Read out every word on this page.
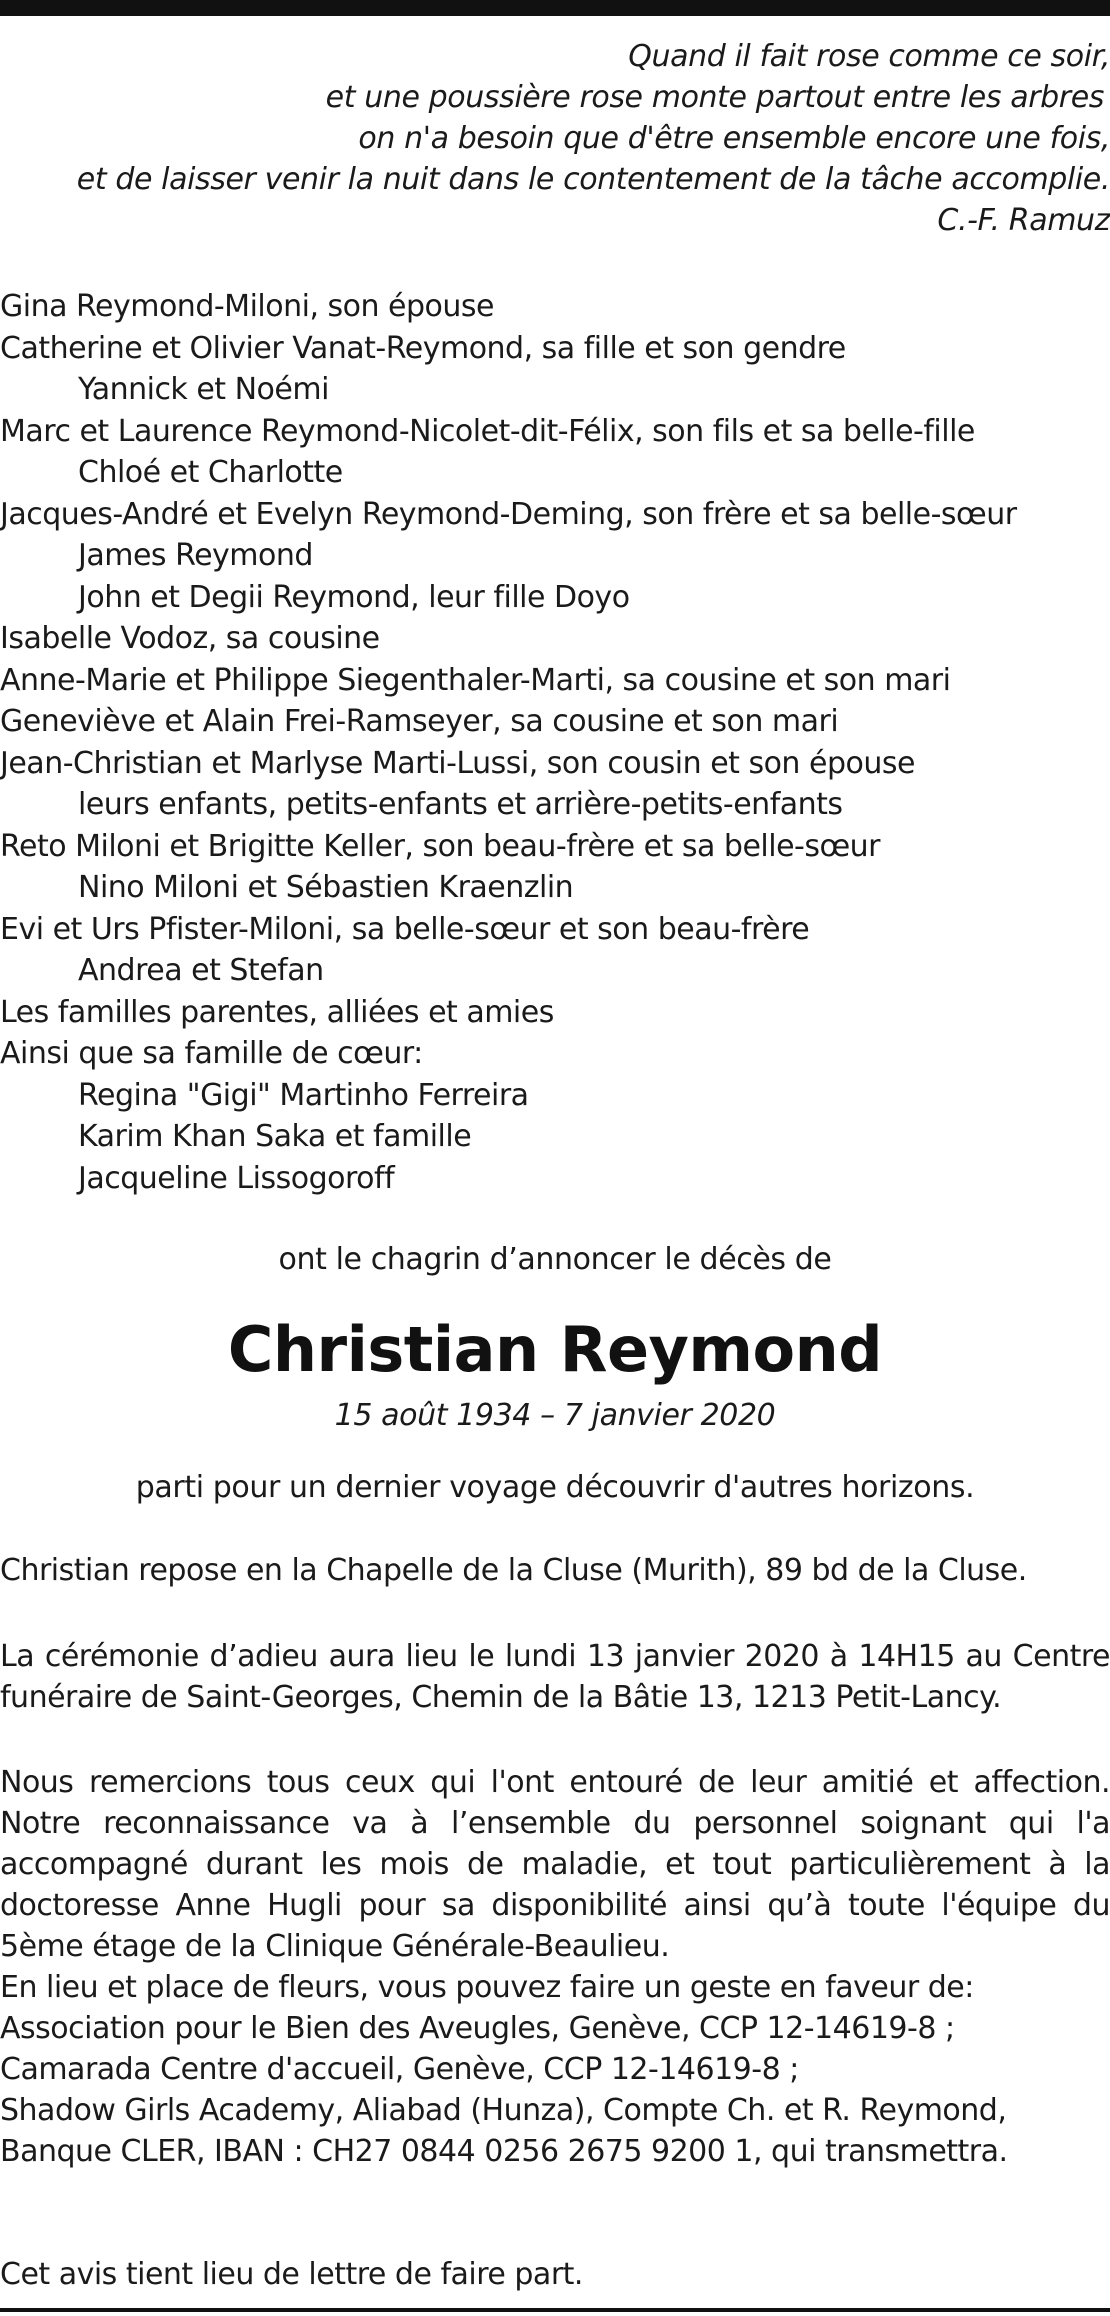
Quand il fait rose comme ce soir,
et une poussière rose monte partout entre les arbres
on n'a besoin que d'être ensemble encore une fois,
et de laisser venir la nuit dans le contentement de la tâche accomplie.
C.-F. Ramuz
Gina Reymond-Miloni, son épouse
Catherine et Olivier Vanat-Reymond, sa fille et son gendre
Yannick et Noémi
Marc et Laurence Reymond-Nicolet-dit-Félix, son fils et sa belle-fille
Chloé et Charlotte
Jacques-André et Evelyn Reymond-Deming, son frère et sa belle-sœur
James Reymond
John et Degii Reymond, leur fille Doyo
Isabelle Vodoz, sa cousine
Anne-Marie et Philippe Siegenthaler-Marti, sa cousine et son mari
Geneviève et Alain Frei-Ramseyer, sa cousine et son mari
Jean-Christian et Marlyse Marti-Lussi, son cousin et son épouse
leurs enfants, petits-enfants et arrière-petits-enfants
Reto Miloni et Brigitte Keller, son beau-frère et sa belle-sœur
Nino Miloni et Sébastien Kraenzlin
Evi et Urs Pfister-Miloni, sa belle-sœur et son beau-frère
Andrea et Stefan
Les familles parentes, alliées et amies
Ainsi que sa famille de cœur:
Regina "Gigi" Martinho Ferreira
Karim Khan Saka et famille
Jacqueline Lissogoroff
ont le chagrin d’annoncer le décès de
Christian Reymond
15 août 1934 – 7 janvier 2020
parti pour un dernier voyage découvrir d'autres horizons.
Christian repose en la Chapelle de la Cluse (Murith), 89 bd de la Cluse.
La cérémonie d’adieu aura lieu le lundi 13 janvier 2020 à 14H15 au Centre
funéraire de Saint-Georges, Chemin de la Bâtie 13, 1213 Petit-Lancy.
Nous remercions tous ceux qui l'ont entouré de leur amitié et affection.
Notre reconnaissance va à l’ensemble du personnel soignant qui l'a
accompagné durant les mois de maladie, et tout particulièrement à la
doctoresse Anne Hugli pour sa disponibilité ainsi qu’à toute l'équipe du
5ème étage de la Clinique Générale-Beaulieu.
En lieu et place de fleurs, vous pouvez faire un geste en faveur de:
Association pour le Bien des Aveugles, Genève, CCP 12-14619-8 ;
Camarada Centre d'accueil, Genève, CCP 12-14619-8 ;
Shadow Girls Academy, Aliabad (Hunza), Compte Ch. et R. Reymond,
Banque CLER, IBAN : CH27 0844 0256 2675 9200 1, qui transmettra.
Cet avis tient lieu de lettre de faire part.
